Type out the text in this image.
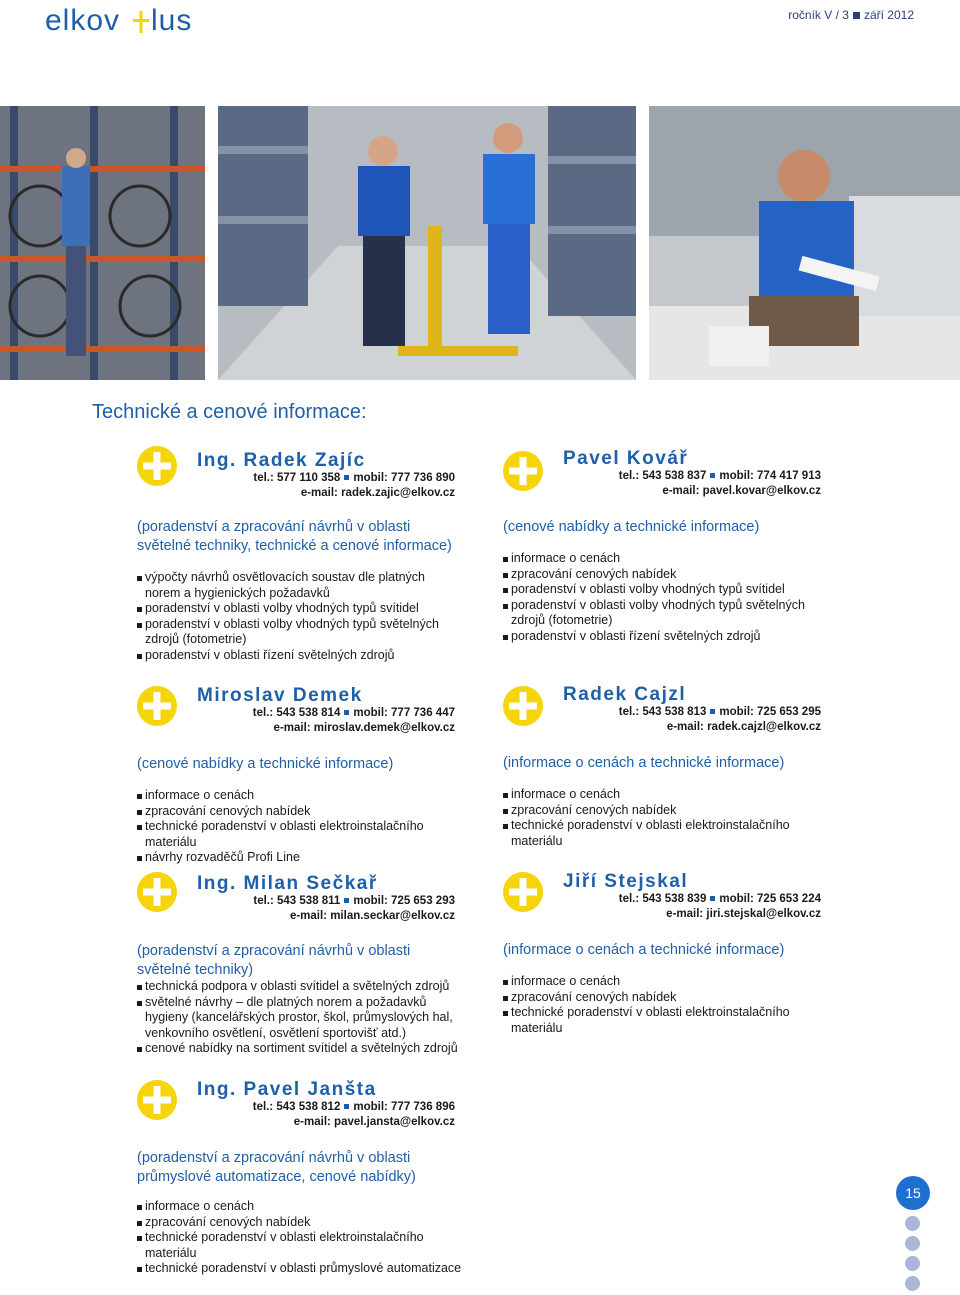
elkov lus	ročník V / 3 září 2012
Technické a cenové informace:
Ing. Radek Zajíc
tel.: 577 110 358 mobil: 777 736 890
e-mail: radek.zajic@elkov.cz
(poradenství a zpracování návrhů v oblasti světelné techniky, technické a cenové informace)
výpočty návrhů osvětlovacích soustav dle platných norem a hygienických požadavků
poradenství v oblasti volby vhodných typů svítidel
poradenství v oblasti volby vhodných typů světelných zdrojů (fotometrie)
poradenství v oblasti řízení světelných zdrojů
Pavel Kovář
tel.: 543 538 837 mobil: 774 417 913
e-mail: pavel.kovar@elkov.cz
(cenové nabídky a technické informace)
informace o cenách
zpracování cenových nabídek
poradenství v oblasti volby vhodných typů svítidel
poradenství v oblasti volby vhodných typů světelných zdrojů (fotometrie)
poradenství v oblasti řízení světelných zdrojů
Miroslav Demek
tel.: 543 538 814 mobil: 777 736 447
e-mail: miroslav.demek@elkov.cz
(cenové nabídky a technické informace)
informace o cenách
zpracování cenových nabídek
technické poradenství v oblasti elektroinstalačního materiálu
návrhy rozvaděčů Profi Line
Radek Cajzl
tel.: 543 538 813 mobil: 725 653 295
e-mail: radek.cajzl@elkov.cz
(informace o cenách a technické informace)
informace o cenách
zpracování cenových nabídek
technické poradenství v oblasti elektroinstalačního materiálu
Ing. Milan Sečkař
tel.: 543 538 811 mobil: 725 653 293
e-mail: milan.seckar@elkov.cz
(poradenství a zpracování návrhů v oblasti světelné techniky)
technická podpora v oblasti svítidel a světelných zdrojů
světelné návrhy – dle platných norem a požadavků hygieny (kancelářských prostor, škol, průmyslových hal, venkovního osvětlení, osvětlení sportovišť atd.)
cenové nabídky na sortiment svítidel a světelných zdrojů
Jiří Stejskal
tel.: 543 538 839 mobil: 725 653 224
e-mail: jiri.stejskal@elkov.cz
(informace o cenách a technické informace)
informace o cenách
zpracování cenových nabídek
technické poradenství v oblasti elektroinstalačního materiálu
Ing. Pavel Janšta
tel.: 543 538 812 mobil: 777 736 896
e-mail: pavel.jansta@elkov.cz
(poradenství a zpracování návrhů v oblasti průmyslové automatizace, cenové nabídky)
informace o cenách
zpracování cenových nabídek
technické poradenství v oblasti elektroinstalačního materiálu
technické poradenství v oblasti průmyslové automatizace
15
